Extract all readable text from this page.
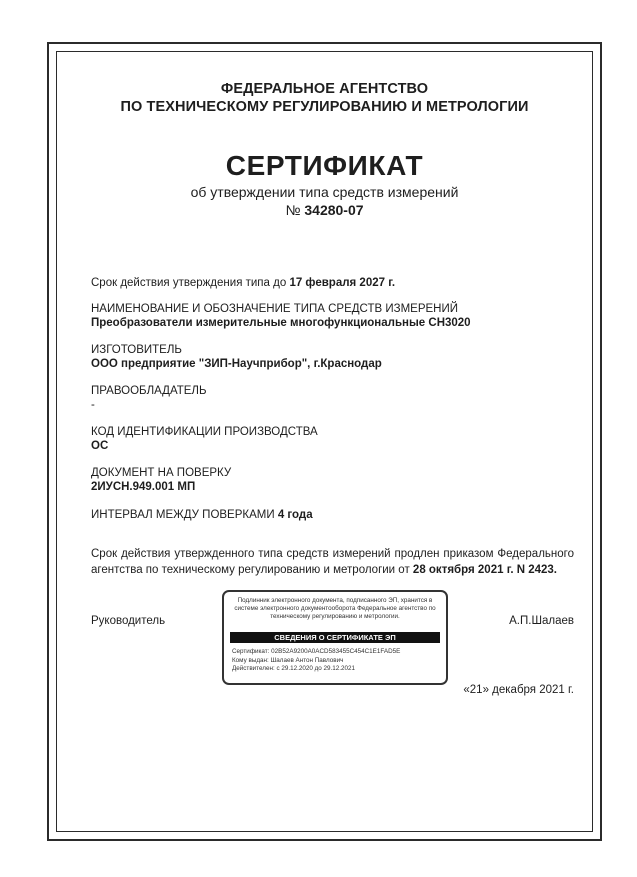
ФЕДЕРАЛЬНОЕ АГЕНТСТВО

ПО ТЕХНИЧЕСКОМУ РЕГУЛИРОВАНИЮ И МЕТРОЛОГИИ

СЕРТИФИКАТ

об утверждении типа средств измерений

№ 34280-07

Срок действия утверждения типа до 17 февраля 2027 г.

НАИМЕНОВАНИЕ И ОБОЗНАЧЕНИЕ ТИПА СРЕДСТВ ИЗМЕРЕНИЙ
Преобразователи измерительные многофункциональные СН3020
ИЗГОТОВИТЕЛЬ
ООО предприятие "ЗИП-Научприбор", г.Краснодар
ПРАВООБЛАДАТЕЛЬ
-
КОД ИДЕНТИФИКАЦИИ ПРОИЗВОДСТВА
ОС
ДОКУМЕНТ НА ПОВЕРКУ
2ИУСН.949.001 МП

ИНТЕРВАЛ МЕЖДУ ПОВЕРКАМИ 4 года

Срок действия утвержденного типа средств измерений продлен приказом Федерального агентства по техническому регулированию и метрологии от 28 октября 2021 г. N 2423.

Руководитель

Подлинник электронного документа, подписанного ЭП, хранится в системе электронного документооборота Федеральное агентство по техническому регулированию и метрологии.
СВЕДЕНИЯ О СЕРТИФИКАТЕ ЭП
Сертификат: 02B52A9200A0ACD583455C454C1E1FAD5E
Кому выдан: Шалаев Антон Павлович
Действителен: с 29.12.2020 до 29.12.2021

А.П.Шалаев

«21» декабря 2021 г.
